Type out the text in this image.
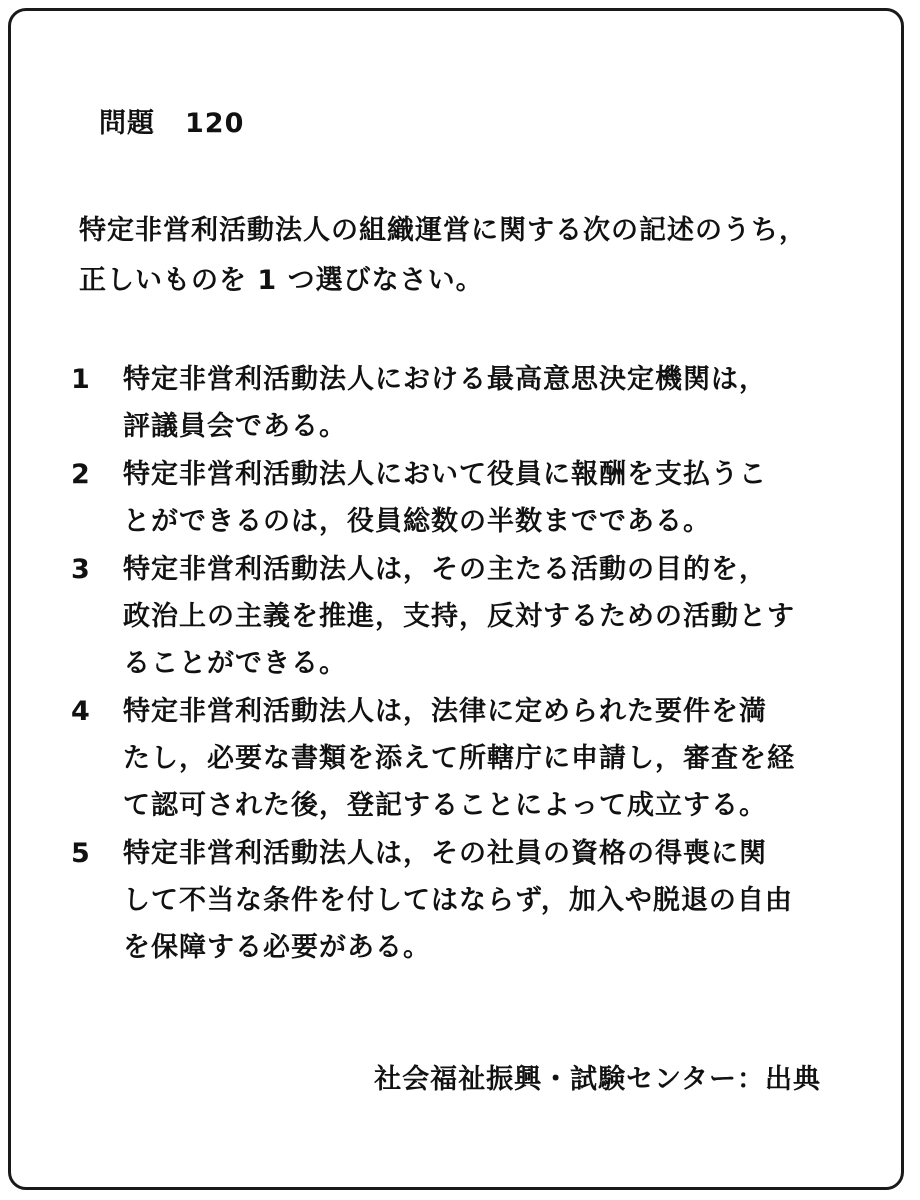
問題 120
特定非営利活動法人の組織運営に関する次の記述のうち，
正しいものを 1 つ選びなさい。
1	特定非営利活動法人における最高意思決定機関は，
評議員会である。
2	特定非営利活動法人において役員に報酬を支払うこ
とができるのは，役員総数の半数までである。
3	特定非営利活動法人は，その主たる活動の目的を，
政治上の主義を推進，支持，反対するための活動とす
ることができる。
4	特定非営利活動法人は，法律に定められた要件を満
たし，必要な書類を添えて所轄庁に申請し，審査を経
て認可された後，登記することによって成立する。
5	特定非営利活動法人は，その社員の資格の得喪に関
して不当な条件を付してはならず，加入や脱退の自由
を保障する必要がある。
社会福祉振興・試験センター：出典
